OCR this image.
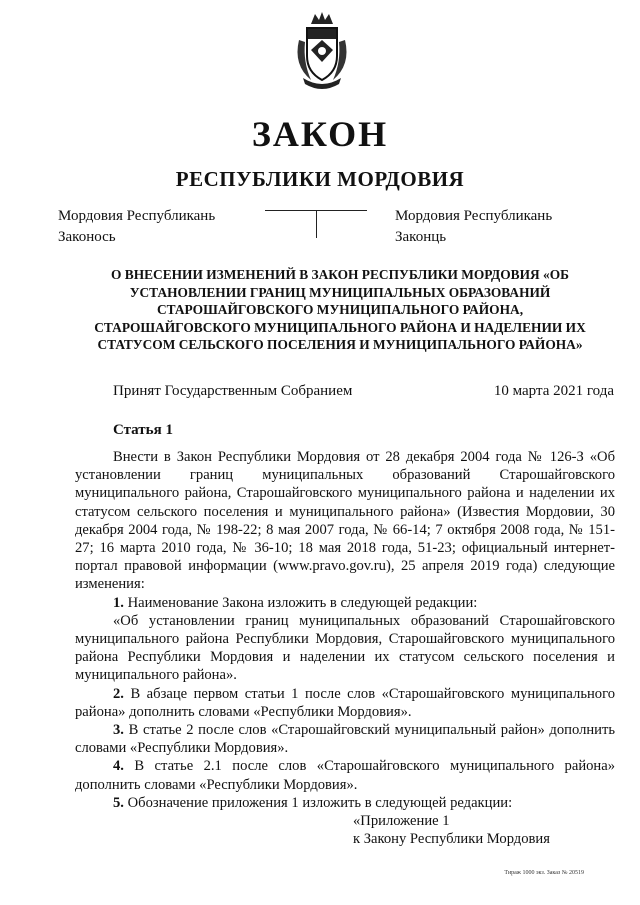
ЗАКОН
РЕСПУБЛИКИ МОРДОВИЯ
Мордовия Республикань
Законось
Мордовия Республикань
Законць
О ВНЕСЕНИИ ИЗМЕНЕНИЙ В ЗАКОН РЕСПУБЛИКИ МОРДОВИЯ «ОБ УСТАНОВЛЕНИИ ГРАНИЦ МУНИЦИПАЛЬНЫХ ОБРАЗОВАНИЙ СТАРОШАЙГОВСКОГО МУНИЦИПАЛЬНОГО РАЙОНА, СТАРОШАЙГОВСКОГО МУНИЦИПАЛЬНОГО РАЙОНА И НАДЕЛЕНИИ ИХ СТАТУСОМ СЕЛЬСКОГО ПОСЕЛЕНИЯ И МУНИЦИПАЛЬНОГО РАЙОНА»
Принят Государственным Собранием	10 марта 2021 года
Статья 1

Внести в Закон Республики Мордовия от 28 декабря 2004 года № 126-З «Об установлении границ муниципальных образований Старошайговского муниципального района, Старошайговского муниципального района и наделении их статусом сельского поселения и муниципального района» (Известия Мордовии, 30 декабря 2004 года, № 198-22; 8 мая 2007 года, № 66-14; 7 октября 2008 года, № 151-27; 16 марта 2010 года, № 36-10; 18 мая 2018 года, 51-23; официальный интернет-портал правовой информации (www.pravo.gov.ru), 25 апреля 2019 года) следующие изменения:

1. Наименование Закона изложить в следующей редакции:

«Об установлении границ муниципальных образований Старошайговского муниципального района Республики Мордовия, Старошайговского муниципального района Республики Мордовия и наделении их статусом сельского поселения и муниципального района».

2. В абзаце первом статьи 1 после слов «Старошайговского муниципального района» дополнить словами «Республики Мордовия».

3. В статье 2 после слов «Старошайговский муниципальный район» дополнить словами «Республики Мордовия».

4. В статье 2.1 после слов «Старошайговского муниципального района» дополнить словами «Республики Мордовия».

5. Обозначение приложения 1 изложить в следующей редакции:

«Приложение 1

к Закону Республики Мордовия

Тираж 1000 экз. Заказ № 20519
